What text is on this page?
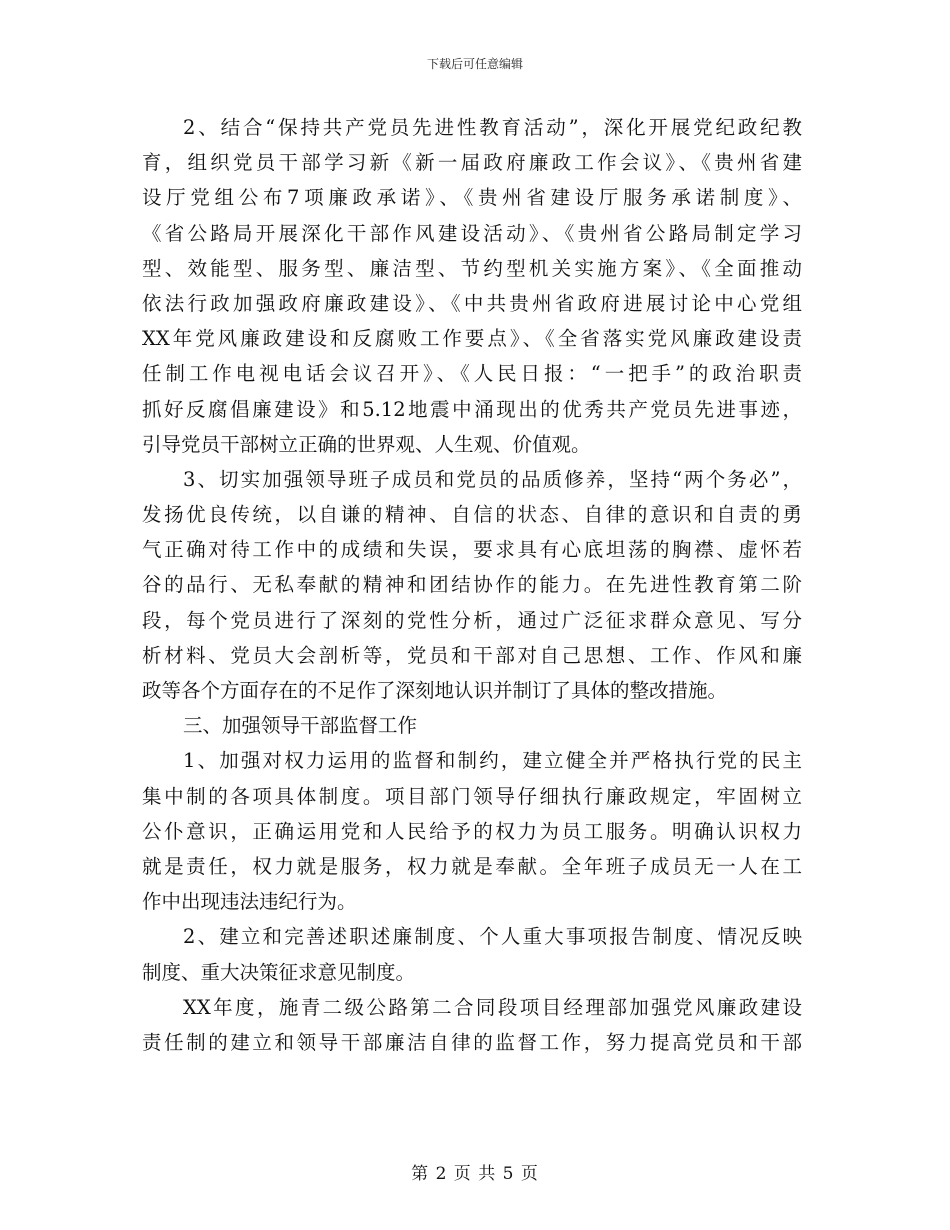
下载后可任意编辑
2、结合“保持共产党员先进性教育活动”，深化开展党纪政纪教
育，组织党员干部学习新《新一届政府廉政工作会议》、《贵州省建
设厅党组公布7项廉政承诺》、《贵州省建设厅服务承诺制度》、
《省公路局开展深化干部作风建设活动》、《贵州省公路局制定学习
型、效能型、服务型、廉洁型、节约型机关实施方案》、《全面推动
依法行政加强政府廉政建设》、《中共贵州省政府进展讨论中心党组
XX年党风廉政建设和反腐败工作要点》、《全省落实党风廉政建设责
任制工作电视电话会议召开》、《人民日报：“一把手”的政治职责
抓好反腐倡廉建设》和5.12地震中涌现出的优秀共产党员先进事迹，
引导党员干部树立正确的世界观、人生观、价值观。
3、切实加强领导班子成员和党员的品质修养，坚持“两个务必”，
发扬优良传统，以自谦的精神、自信的状态、自律的意识和自责的勇
气正确对待工作中的成绩和失误，要求具有心底坦荡的胸襟、虚怀若
谷的品行、无私奉献的精神和团结协作的能力。在先进性教育第二阶
段，每个党员进行了深刻的党性分析，通过广泛征求群众意见、写分
析材料、党员大会剖析等，党员和干部对自己思想、工作、作风和廉
政等各个方面存在的不足作了深刻地认识并制订了具体的整改措施。
三、加强领导干部监督工作
1、加强对权力运用的监督和制约，建立健全并严格执行党的民主
集中制的各项具体制度。项目部门领导仔细执行廉政规定，牢固树立
公仆意识，正确运用党和人民给予的权力为员工服务。明确认识权力
就是责任，权力就是服务，权力就是奉献。全年班子成员无一人在工
作中出现违法违纪行为。
2、建立和完善述职述廉制度、个人重大事项报告制度、情况反映
制度、重大决策征求意见制度。
XX年度，施青二级公路第二合同段项目经理部加强党风廉政建设
责任制的建立和领导干部廉洁自律的监督工作，努力提高党员和干部
第 2 页 共 5 页
